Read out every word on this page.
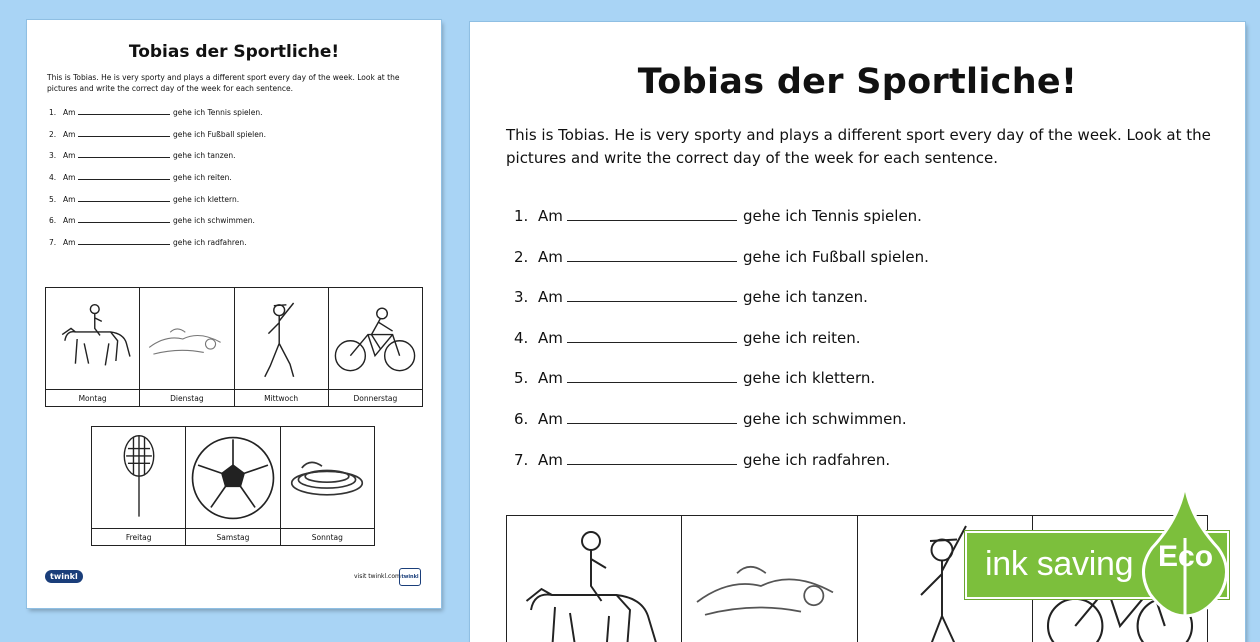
Tobias der Sportliche!
This is Tobias. He is very sporty and plays a different sport every day of the week. Look at the pictures and write the correct day of the week for each sentence.
1. Am	gehe ich Tennis spielen.
2. Am	gehe ich Fußball spielen.
3. Am	gehe ich tanzen.
4. Am	gehe ich reiten.
5. Am	gehe ich klettern.
6. Am	gehe ich schwimmen.
7. Am	gehe ich radfahren.
Montag	Dienstag	Mittwoch	Donnerstag
Freitag	Samstag	Sonntag
twinkl	visit twinkl.com twinkl
Tobias der Sportliche!
This is Tobias. He is very sporty and plays a different sport every day of the week. Look at the pictures and write the correct day of the week for each sentence.
1. Am	gehe ich Tennis spielen.
2. Am	gehe ich Fußball spielen.
3. Am	gehe ich tanzen.
4. Am	gehe ich reiten.
5. Am	gehe ich klettern.
6. Am	gehe ich schwimmen.
7. Am	gehe ich radfahren.
ink saving Eco
